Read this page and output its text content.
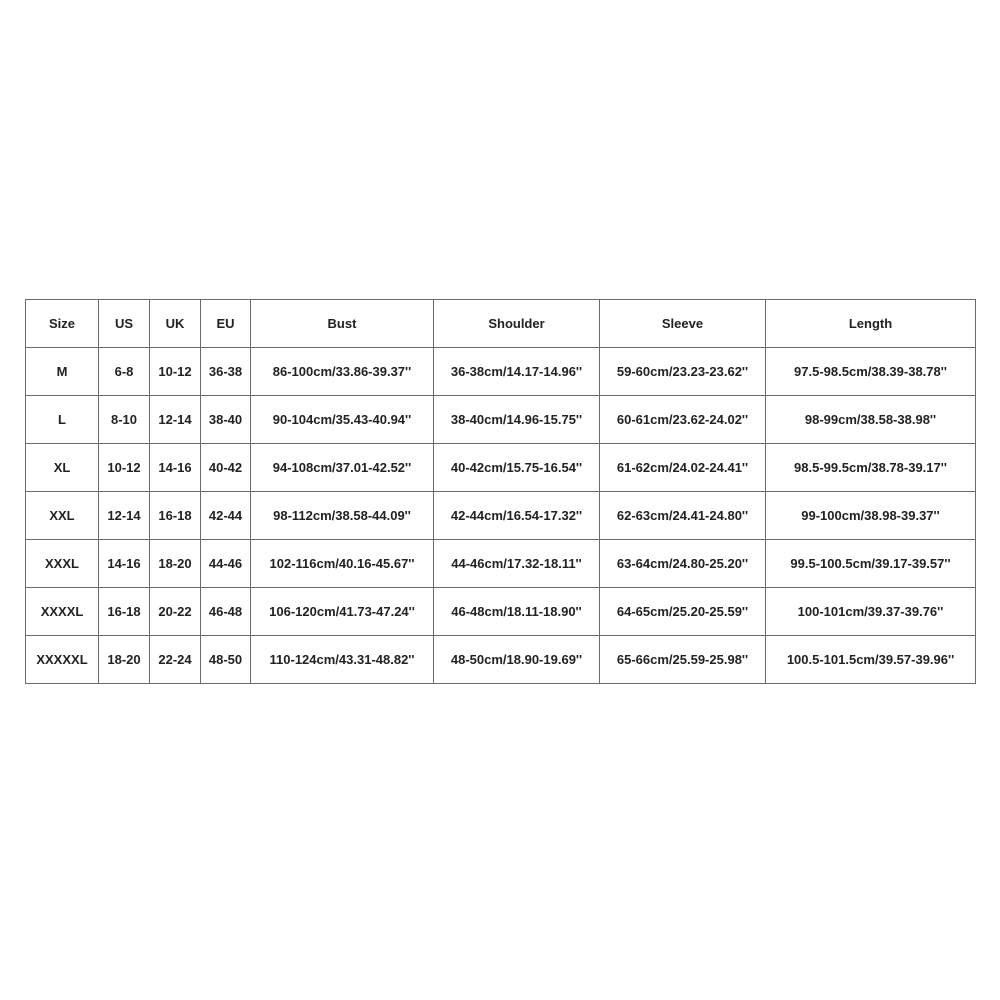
Size	US	UK	EU	Bust	Shoulder	Sleeve	Length
M	6-8	10-12	36-38	86-100cm/33.86-39.37''	36-38cm/14.17-14.96''	59-60cm/23.23-23.62''	97.5-98.5cm/38.39-38.78''
L	8-10	12-14	38-40	90-104cm/35.43-40.94''	38-40cm/14.96-15.75''	60-61cm/23.62-24.02''	98-99cm/38.58-38.98''
XL	10-12	14-16	40-42	94-108cm/37.01-42.52''	40-42cm/15.75-16.54''	61-62cm/24.02-24.41''	98.5-99.5cm/38.78-39.17''
XXL	12-14	16-18	42-44	98-112cm/38.58-44.09''	42-44cm/16.54-17.32''	62-63cm/24.41-24.80''	99-100cm/38.98-39.37''
XXXL	14-16	18-20	44-46	102-116cm/40.16-45.67''	44-46cm/17.32-18.11''	63-64cm/24.80-25.20''	99.5-100.5cm/39.17-39.57''
XXXXL	16-18	20-22	46-48	106-120cm/41.73-47.24''	46-48cm/18.11-18.90''	64-65cm/25.20-25.59''	100-101cm/39.37-39.76''
XXXXXL	18-20	22-24	48-50	110-124cm/43.31-48.82''	48-50cm/18.90-19.69''	65-66cm/25.59-25.98''	100.5-101.5cm/39.57-39.96''
